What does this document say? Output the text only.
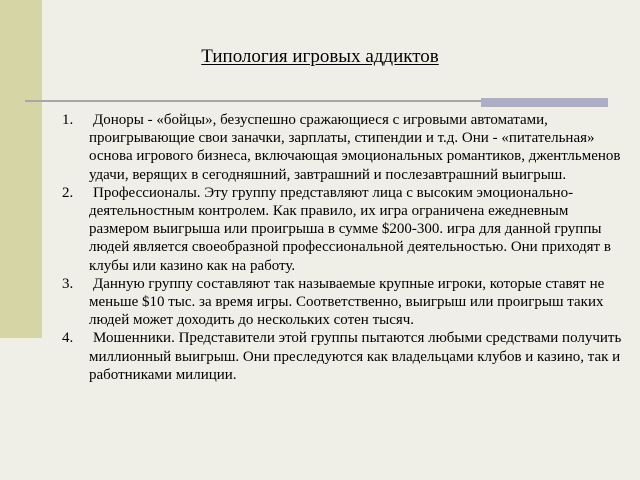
Типология игровых аддиктов
1. Доноры - «бойцы», безуспешно сражающиеся с игровыми автоматами, проигрывающие свои заначки, зарплаты, стипендии и т.д. Они - «питательная» основа игрового бизнеса, включающая эмоциональных романтиков, джентльменов удачи, верящих в сегодняшний, завтрашний и послезавтрашний выигрыш.
2. Профессионалы. Эту группу представляют лица с высоким эмоционально-деятельностным контролем. Как правило, их игра ограничена ежедневным размером выигрыша или проигрыша в сумме $200-300. игра для данной группы людей является своеобразной профессиональной деятельностью. Они приходят в клубы или казино как на работу.
3. Данную группу составляют так называемые крупные игроки, которые ставят не меньше $10 тыс. за время игры. Соответственно, выигрыш или проигрыш таких людей может доходить до нескольких сотен тысяч.
4. Мошенники. Представители этой группы пытаются любыми средствами получить миллионный выигрыш. Они преследуются как владельцами клубов и казино, так и работниками милиции.
